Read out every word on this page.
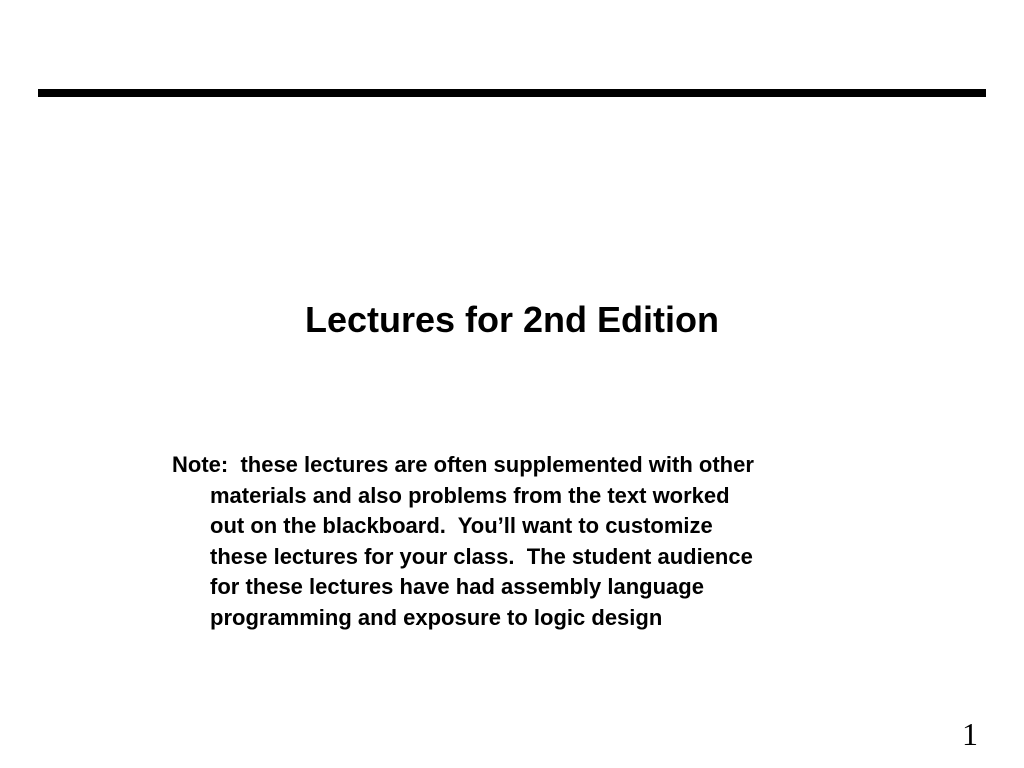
Lectures for 2nd Edition
Note:  these lectures are often supplemented with other
materials and also problems from the text worked
out on the blackboard.  You’ll want to customize
these lectures for your class.  The student audience
for these lectures have had assembly language
programming and exposure to logic design
1
